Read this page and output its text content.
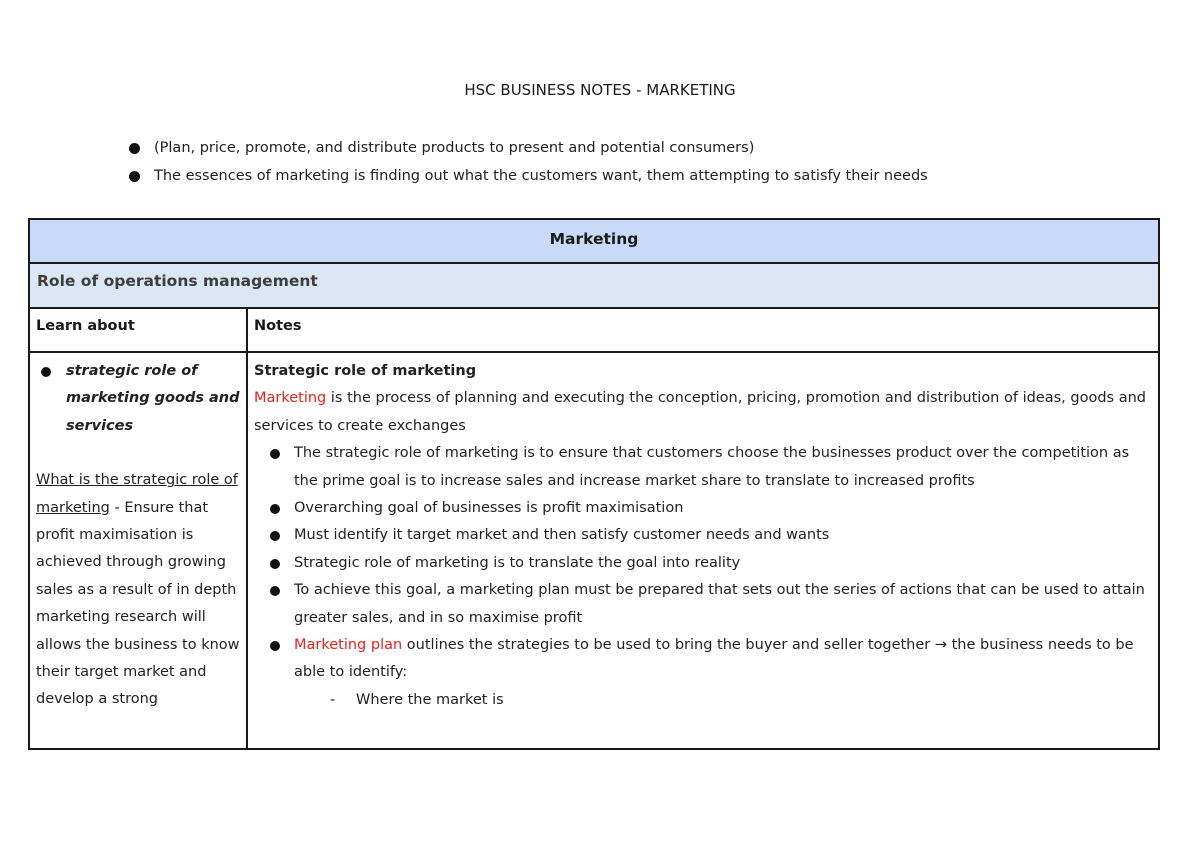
HSC BUSINESS NOTES - MARKETING
(Plan, price, promote, and distribute products to present and potential consumers)
The essences of marketing is finding out what the customers want, them attempting to satisfy their needs
Marketing
Role of operations management
Learn about	Notes
strategic role of marketing goods and services
What is the strategic role of marketing - Ensure that profit maximisation is achieved through growing sales as a result of in depth marketing research will allows the business to know their target market and develop a strong
Strategic role of marketing
Marketing is the process of planning and executing the conception, pricing, promotion and distribution of ideas, goods and services to create exchanges
The strategic role of marketing is to ensure that customers choose the businesses product over the competition as the prime goal is to increase sales and increase market share to translate to increased profits
Overarching goal of businesses is profit maximisation
Must identify it target market and then satisfy customer needs and wants
Strategic role of marketing is to translate the goal into reality
To achieve this goal, a marketing plan must be prepared that sets out the series of actions that can be used to attain greater sales, and in so maximise profit
Marketing plan outlines the strategies to be used to bring the buyer and seller together → the business needs to be able to identify:
- Where the market is
